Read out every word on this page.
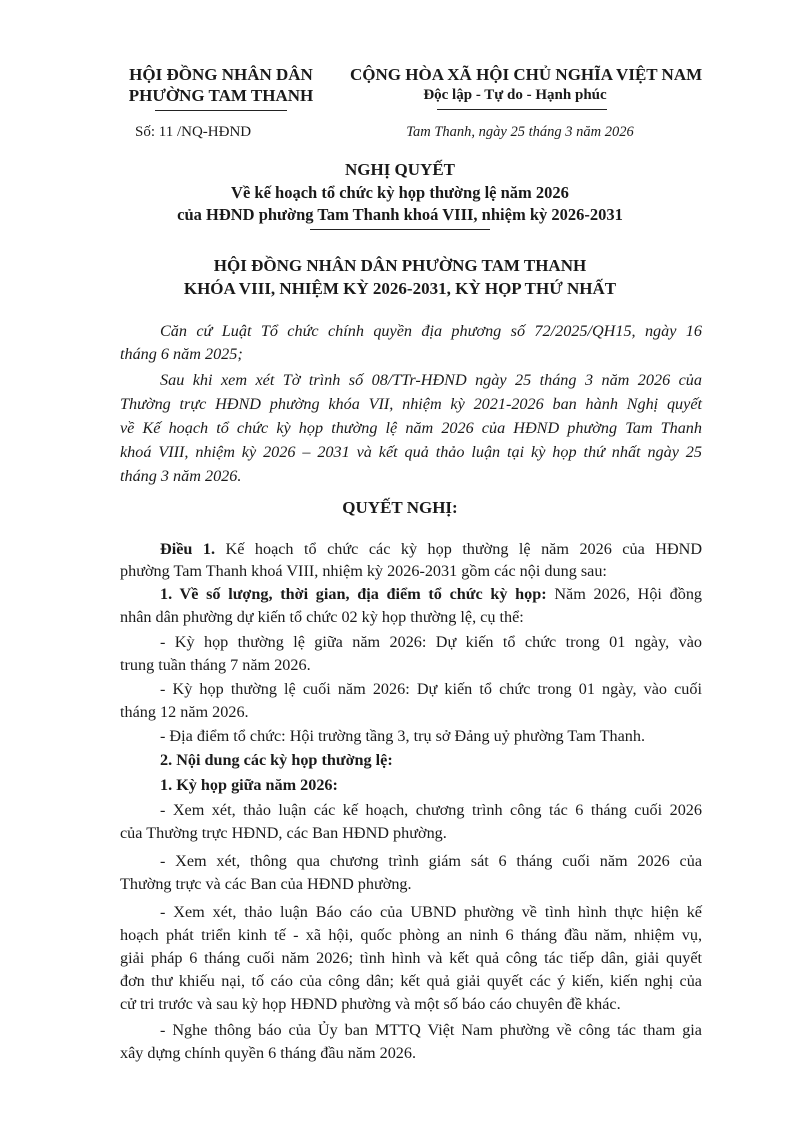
HỘI ĐỒNG NHÂN DÂN
PHƯỜNG TAM THANH
CỘNG HÒA XÃ HỘI CHỦ NGHĨA VIỆT NAM
Độc lập - Tự do - Hạnh phúc
Số: 11 /NQ-HĐND	Tam Thanh, ngày 25 tháng 3 năm 2026
NGHỊ QUYẾT
Về kế hoạch tổ chức kỳ họp thường lệ năm 2026
của HĐND phường Tam Thanh khoá VIII, nhiệm kỳ 2026-2031
HỘI ĐỒNG NHÂN DÂN PHƯỜNG TAM THANH
KHÓA VIII, NHIỆM KỲ 2026-2031, KỲ HỌP THỨ NHẤT
Căn cứ Luật Tổ chức chính quyền địa phương số 72/2025/QH15, ngày 16
tháng 6 năm 2025;
Sau khi xem xét Tờ trình số 08/TTr-HĐND ngày 25 tháng 3 năm 2026 của
Thường trực HĐND phường khóa VII, nhiệm kỳ 2021-2026 ban hành Nghị quyết
về Kế hoạch tổ chức kỳ họp thường lệ năm 2026 của HĐND phường Tam Thanh
khoá VIII, nhiệm kỳ 2026 – 2031 và kết quả thảo luận tại kỳ họp thứ nhất ngày 25
tháng 3 năm 2026.
QUYẾT NGHỊ:
Điều 1. Kế hoạch tổ chức các kỳ họp thường lệ năm 2026 của HĐND
phường Tam Thanh khoá VIII, nhiệm kỳ 2026-2031 gồm các nội dung sau:
1. Về số lượng, thời gian, địa điểm tổ chức kỳ họp: Năm 2026, Hội đồng
nhân dân phường dự kiến tổ chức 02 kỳ họp thường lệ, cụ thể:
- Kỳ họp thường lệ giữa năm 2026: Dự kiến tổ chức trong 01 ngày, vào
trung tuần tháng 7 năm 2026.
- Kỳ họp thường lệ cuối năm 2026: Dự kiến tổ chức trong 01 ngày, vào cuối
tháng 12 năm 2026.
- Địa điểm tổ chức: Hội trường tầng 3, trụ sở Đảng uỷ phường Tam Thanh.
2. Nội dung các kỳ họp thường lệ:
1. Kỳ họp giữa năm 2026:
- Xem xét, thảo luận các kế hoạch, chương trình công tác 6 tháng cuối 2026
của Thường trực HĐND, các Ban HĐND phường.
- Xem xét, thông qua chương trình giám sát 6 tháng cuối năm 2026 của
Thường trực và các Ban của HĐND phường.
- Xem xét, thảo luận Báo cáo của UBND phường về tình hình thực hiện kế
hoạch phát triển kinh tế - xã hội, quốc phòng an ninh 6 tháng đầu năm, nhiệm vụ,
giải pháp 6 tháng cuối năm 2026; tình hình và kết quả công tác tiếp dân, giải quyết
đơn thư khiếu nại, tố cáo của công dân; kết quả giải quyết các ý kiến, kiến nghị của
cử tri trước và sau kỳ họp HĐND phường và một số báo cáo chuyên đề khác.
- Nghe thông báo của Ủy ban MTTQ Việt Nam phường về công tác tham gia
xây dựng chính quyền 6 tháng đầu năm 2026.
